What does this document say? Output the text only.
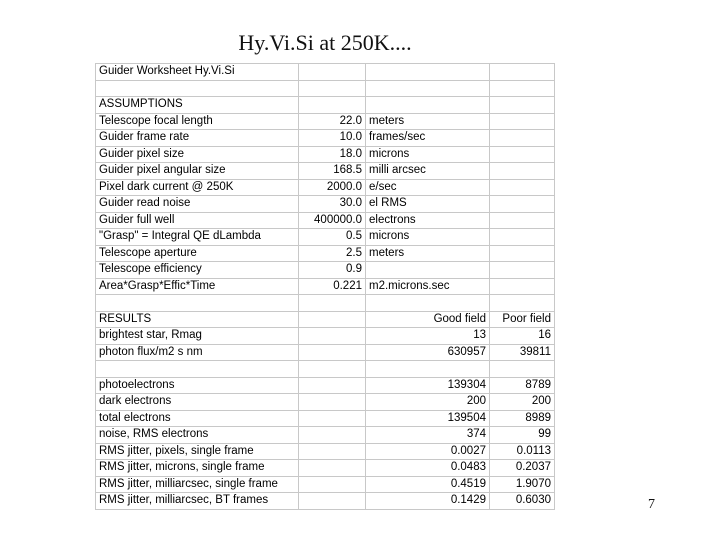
Hy.Vi.Si at 250K....
Guider Worksheet Hy.Vi.Si			

ASSUMPTIONS			
Telescope focal length	22.0	meters	
Guider frame rate	10.0	frames/sec	
Guider pixel size	18.0	microns	
Guider pixel angular size	168.5	milli arcsec	
Pixel dark current @ 250K	2000.0	e/sec	
Guider read noise	30.0	el RMS	
Guider full well	400000.0	electrons	
"Grasp" = Integral QE dLambda	0.5	microns	
Telescope aperture	2.5	meters	
Telescope efficiency	0.9		
Area*Grasp*Effic*Time	0.221	m2.microns.sec	

RESULTS		Good field	Poor field
brightest star, Rmag		13	16
photon flux/m2 s nm		630957	39811

photoelectrons		139304	8789
dark electrons		200	200
total electrons		139504	8989
noise, RMS electrons		374	99
RMS jitter, pixels, single frame		0.0027	0.0113
RMS jitter, microns, single frame		0.0483	0.2037
RMS jitter, milliarcsec, single frame		0.4519	1.9070
RMS jitter, milliarcsec, BT frames		0.1429	0.6030	7
